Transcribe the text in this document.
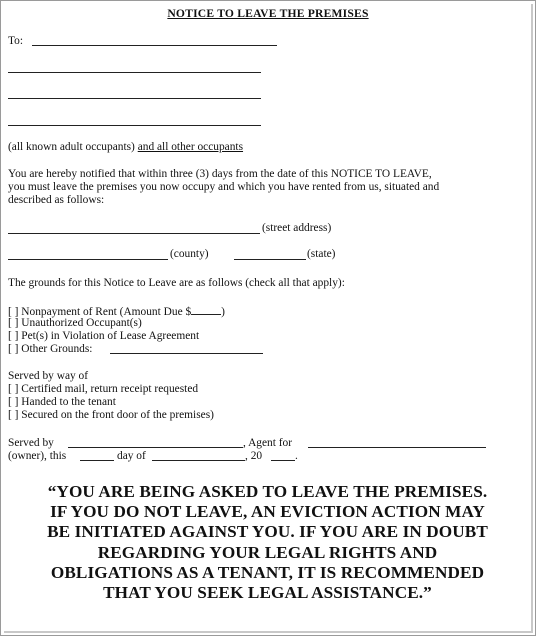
NOTICE TO LEAVE THE PREMISES
To:
(all known adult occupants) and all other occupants
You are hereby notified that within three (3) days from the date of this NOTICE TO LEAVE,
you must leave the premises you now occupy and which you have rented from us, situated and
described as follows:
(street address)
(county)	(state)
The grounds for this Notice to Leave are as follows (check all that apply):
[ ] Nonpayment of Rent (Amount Due $	)
[ ] Unauthorized Occupant(s)
[ ] Pet(s) in Violation of Lease Agreement
[ ] Other Grounds:
Served by way of
[ ] Certified mail, return receipt requested
[ ] Handed to the tenant
[ ] Secured on the front door of the premises)
Served by	, Agent for
(owner), this	day of	, 20	.
“YOU ARE BEING ASKED TO LEAVE THE PREMISES.
IF YOU DO NOT LEAVE, AN EVICTION ACTION MAY
BE INITIATED AGAINST YOU. IF YOU ARE IN DOUBT
REGARDING YOUR LEGAL RIGHTS AND
OBLIGATIONS AS A TENANT, IT IS RECOMMENDED
THAT YOU SEEK LEGAL ASSISTANCE.”
